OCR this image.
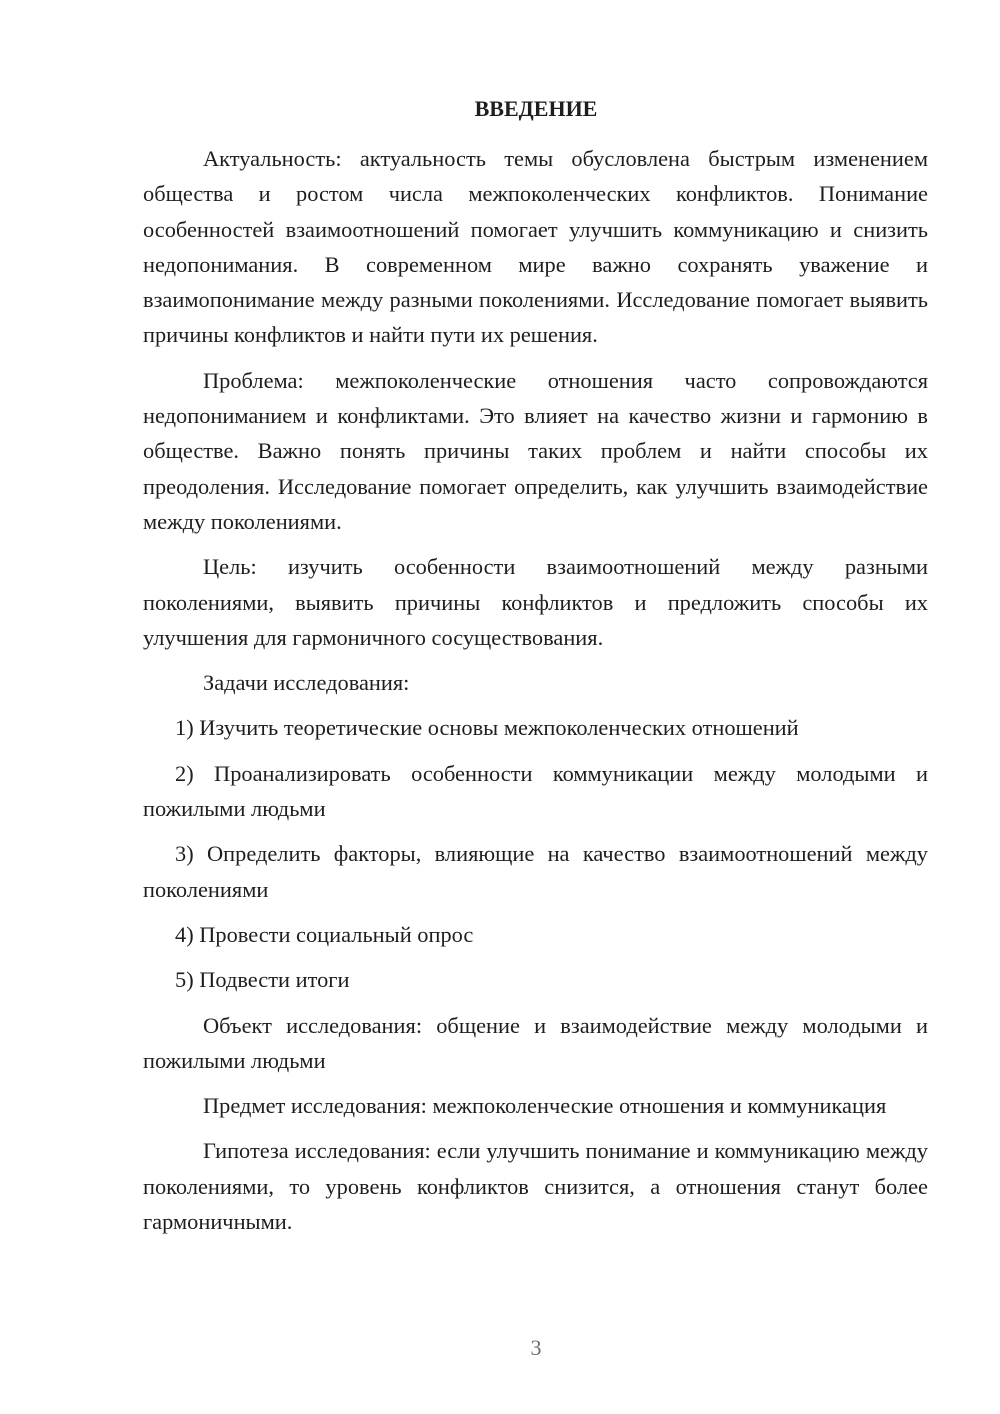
ВВЕДЕНИЕ

Актуальность: актуальность темы обусловлена быстрым изменением общества и ростом числа межпоколенческих конфликтов. Понимание особенностей взаимоотношений помогает улучшить коммуникацию и снизить недопонимания. В современном мире важно сохранять уважение и взаимопонимание между разными поколениями. Исследование помогает выявить причины конфликтов и найти пути их решения.

Проблема: межпоколенческие отношения часто сопровождаются недопониманием и конфликтами. Это влияет на качество жизни и гармонию в обществе. Важно понять причины таких проблем и найти способы их преодоления. Исследование помогает определить, как улучшить взаимодействие между поколениями.

Цель: изучить особенности взаимоотношений между разными поколениями, выявить причины конфликтов и предложить способы их улучшения для гармоничного сосуществования.

Задачи исследования:

1) Изучить теоретические основы межпоколенческих отношений

2) Проанализировать особенности коммуникации между молодыми и пожилыми людьми

3) Определить факторы, влияющие на качество взаимоотношений между поколениями

4) Провести социальный опрос

5) Подвести итоги

Объект исследования: общение и взаимодействие между молодыми и пожилыми людьми

Предмет исследования: межпоколенческие отношения и коммуникация

Гипотеза исследования: если улучшить понимание и коммуникацию между поколениями, то уровень конфликтов снизится, а отношения станут более гармоничными.

3
